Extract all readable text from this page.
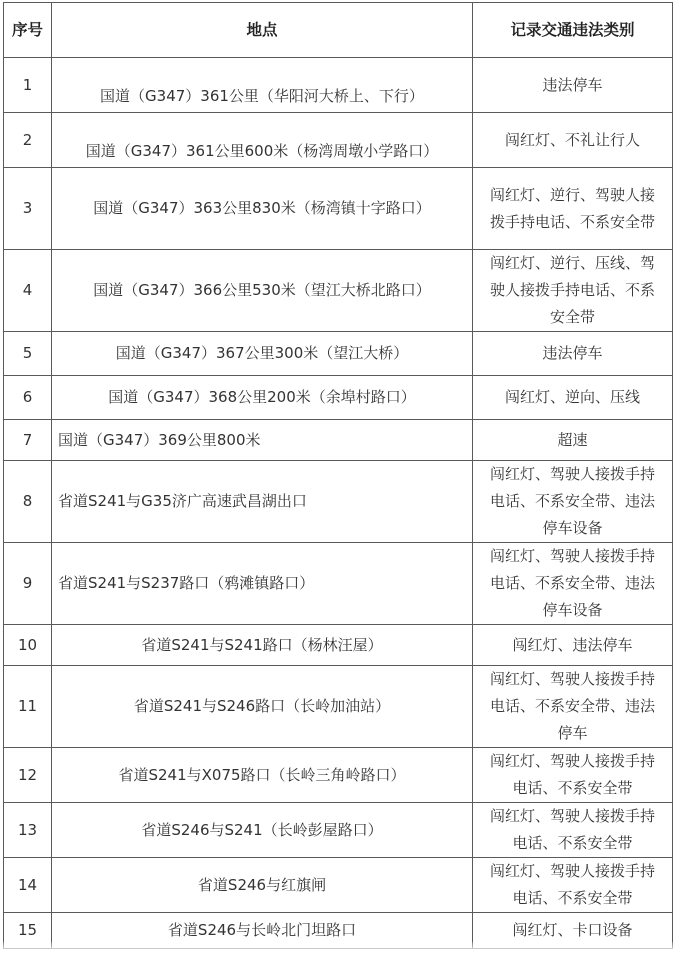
序号	地点	记录交通违法类别
1	国道（G347）361公里（华阳河大桥上、下行）	违法停车
2	国道（G347）361公里600米（杨湾周墩小学路口）	闯红灯、不礼让行人
3	国道（G347）363公里830米（杨湾镇十字路口）	闯红灯、逆行、驾驶人接拨手持电话、不系安全带
4	国道（G347）366公里530米（望江大桥北路口）	闯红灯、逆行、压线、驾驶人接拨手持电话、不系安全带
5	国道（G347）367公里300米（望江大桥）	违法停车
6	国道（G347）368公里200米（余埠村路口）	闯红灯、逆向、压线
7	国道（G347）369公里800米	超速
8	省道S241与G35济广高速武昌湖出口	闯红灯、驾驶人接拨手持电话、不系安全带、违法停车设备
9	省道S241与S237路口（鸦滩镇路口）	闯红灯、驾驶人接拨手持电话、不系安全带、违法停车设备
10	省道S241与S241路口（杨林汪屋）	闯红灯、违法停车
11	省道S241与S246路口（长岭加油站）	闯红灯、驾驶人接拨手持电话、不系安全带、违法停车
12	省道S241与X075路口（长岭三角岭路口）	闯红灯、驾驶人接拨手持电话、不系安全带
13	省道S246与S241（长岭彭屋路口）	闯红灯、驾驶人接拨手持电话、不系安全带
14	省道S246与红旗闸	闯红灯、驾驶人接拨手持电话、不系安全带
15	省道S246与长岭北门坦路口	闯红灯、卡口设备
